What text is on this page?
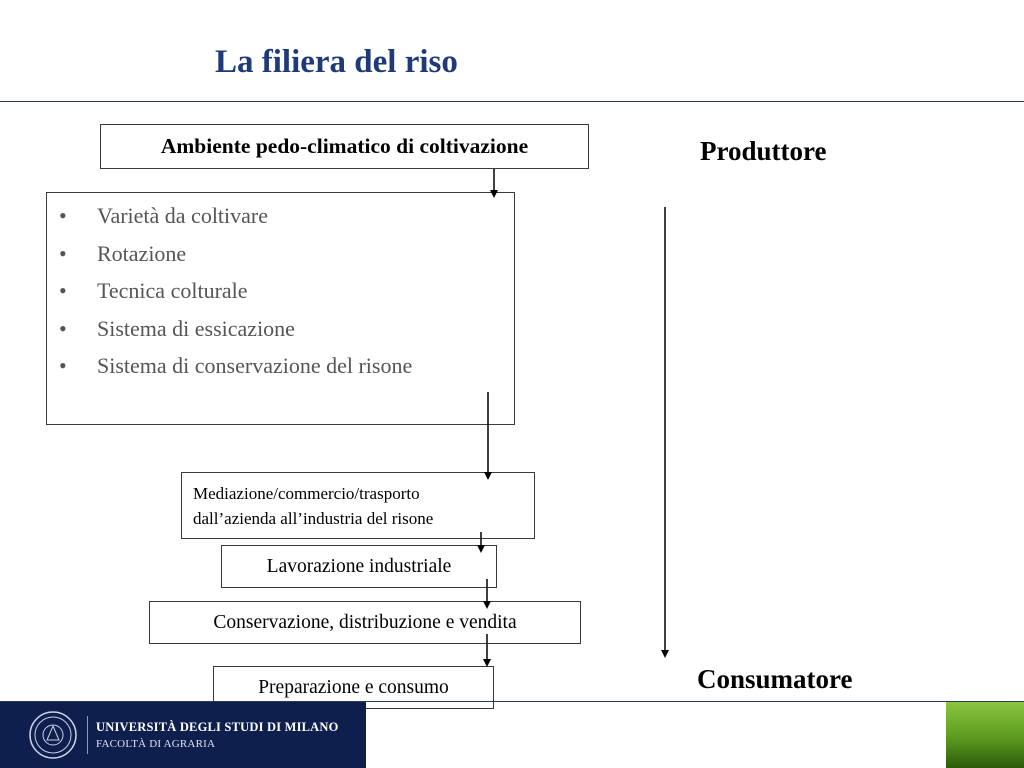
La filiera del riso
Ambiente pedo-climatico di coltivazione
• Varietà da coltivare
• Rotazione
• Tecnica colturale
• Sistema di essicazione
• Sistema di conservazione del risone
Mediazione/commercio/trasporto
dall’azienda all’industria del risone
Lavorazione industriale
Conservazione, distribuzione e vendita
Preparazione e consumo
Produttore
Consumatore
UNIVERSITÀ DEGLI STUDI DI MILANO
FACOLTÀ DI AGRARIA
